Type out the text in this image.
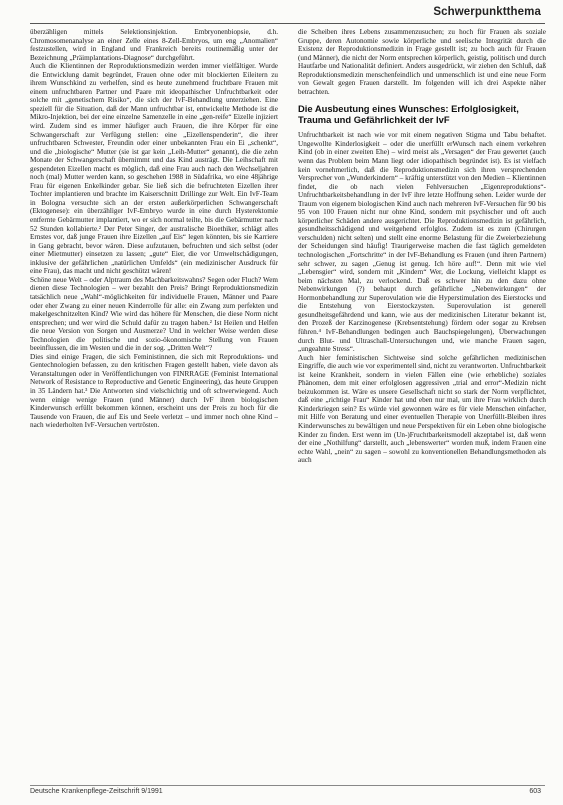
Schwerpunktthema

überzähligen mittels Selektionsinjektion. Embryonenbiopsie, d.h. Chromosomenanalyse an einer Zelle eines 8-Zell-Embryos, um eng „Anomalien“ festzustellen, wird in England und Frankreich bereits routinemäßig unter der Bezeichnung „Präimplantations-Diagnose“ durchgeführt.

Auch die Klientinnen der Reproduktionsmedizin werden immer vielfältiger. Wurde die Entwicklung damit begründet, Frauen ohne oder mit blockierten Eileitern zu ihrem Wunschkind zu verhelfen, sind es heute zunehmend fruchtbare Frauen mit einem unfruchtbaren Partner und Paare mit ideopathischer Unfruchtbarkeit oder solche mit „genetischem Risiko“, die sich der IvF-Behandlung unterziehen. Eine speziell für die Situation, daß der Mann unfruchtbar ist, entwickelte Methode ist die Mikro-Injektion, bei der eine einzelne Samenzelle in eine „gen-reife“ Eizelle injiziert wird. Zudem sind es immer häufiger auch Frauen, die ihre Körper für eine Schwangerschaft zur Verfügung stellen: eine „Eizellenspenderin“, die ihrer unfruchtbaren Schwester, Freundin oder einer unbekannten Frau ein Ei „schenkt“, und die „biologische“ Mutter (sie ist gar kein „Leih-Mutter“ genannt), die die zehn Monate der Schwangerschaft übernimmt und das Kind austrägt. Die Leihschaft mit gespendeten Eizellen macht es möglich, daß eine Frau auch nach den Wechseljahren noch (mal) Mutter werden kann, so geschehen 1988 in Südafrika, wo eine 48jährige Frau für eigenen Enkelkinder gebar. Sie ließ sich die befruchteten Eizellen ihrer Tochter implantieren und brachte im Kaiserschnitt Drillinge zur Welt. Ein IvF-Team in Bologna versuchte sich an der ersten außerkörperlichen Schwangerschaft (Ektogenese): ein überzähliger IvF-Embryo wurde in eine durch Hysterektomie entfernte Gebärmutter implantiert, wo er sich normal teilte, bis die Gebärmutter nach 52 Stunden kollabierte.² Der Peter Singer, der australische Bioethiker, schlägt alles Ernstes vor, daß junge Frauen ihre Eizellen „auf Eis“ legen könnten, bis sie Karriere in Gang gebracht, bevor wären. Diese aufzutauen, befruchten und sich selbst (oder einer Mietmutter) einsetzen zu lassen; „gute“ Eier, die vor Umweltschädigungen, inklusive der gefährlichen „natürlichen Umfelds“ (ein medizinischer Ausdruck für eine Frau), das macht und nicht geschützt wären!

Schöne neue Welt – oder Alptraum des Machbarkeitswahns? Segen oder Fluch? Wem dienen diese Technologien – wer bezahlt den Preis? Bringt Reproduktionsmedizin tatsächlich neue „Wahl“-möglichkeiten für individuelle Frauen, Männer und Paare oder eher Zwang zu einer neuen Kinderrolle für alle: ein Zwang zum perfekten und makelgeschnitzelten Kind? Wie wird das höhere für Menschen, die diese Norm nicht entsprechen; und wer wird die Schuld dafür zu tragen haben.² Ist Heilen und Helfen die neue Version von Sorgen und Ausmerze? Und in welcher Weise werden diese Technologien die politische und sozio-ökonomische Stellung von Frauen beeinflussen, die im Westen und die in der sog. „Dritten Welt“?

Dies sind einige Fragen, die sich Feministinnen, die sich mit Reproduktions- und Gentechnologien befassen, zu den kritischen Fragen gestellt haben, viele davon als Veranstaltungen oder in Veröffentlichungen von FINRRAGE (Feminist International Network of Resistance to Reproductive and Genetic Engineering), das heute Gruppen in 35 Ländern hat.³ Die Antworten sind vielschichtig und oft schwerwiegend. Auch wenn einige wenige Frauen (und Männer) durch IvF ihren biologischen Kinderwunsch erfüllt bekommen können, erscheint uns der Preis zu hoch für die Tausende von Frauen, die auf Eis und Seele verletzt – und immer noch ohne Kind – nach wiederholten IvF-Versuchen vertrösten.

die Scheiben ihres Lebens zusammenzusuchen; zu hoch für Frauen als soziale Gruppe, deren Autonomie sowie körperliche und seelische Integrität durch die Existenz der Reproduktionsmedizin in Frage gestellt ist; zu hoch auch für Frauen (und Männer), die nicht der Norm entsprechen körperlich, geistig, politisch und durch Hautfarbe und Nationalität definiert. Anders ausgedrückt, wir ziehen den Schluß, daß Reproduktionsmedizin menschenfeindlich und unmenschlich ist und eine neue Form von Gewalt gegen Frauen darstellt. Im folgenden will ich drei Aspekte näher betrachten.

Die Ausbeutung eines Wunsches: Erfolglosigkeit, Trauma und Gefährlichkeit der IvF

Unfruchtbarkeit ist nach wie vor mit einem negativen Stigma und Tabu behaftet. Ungewollte Kinderlosigkeit – oder die unerfüllt erWunsch nach einem verkehren Kind (ob in einer zweiten Ehe) – wird meist als „Versagen“ der Frau gewertet (auch wenn das Problem beim Mann liegt oder idiopathisch begründet ist). Es ist vielfach kein vornehmerlich, daß die Reproduktionsmedizin sich ihren versprechenden Versprecher von „Wunderkindern“ – kräftig unterstützt von den Medien – Klientinnen findet, die ob nach vielen Fehlversuchen „Eigenreproduktions“-Unfruchtbarkeitsbehandlung in der IvF ihre letzte Hoffnung sehen. Leider wurde der Traum von eigenem biologischen Kind auch nach mehreren IvF-Versuchen für 90 bis 95 von 100 Frauen nicht nur ohne Kind, sondern mit psychischer und oft auch körperlicher Schäden andere ausgerichtet. Die Reproduktionsmedizin ist gefährlich, gesundheitsschädigend und weitgehend erfolglos. Zudem ist es zum (Chirurgen verschulden) nicht selten) und stellt eine enorme Belastung für die Zweierbeziehung der Scheidungen sind häufig! Traurigerweise machen die fast täglich gemeldeten technologischen „Fortschritte“ in der IvF-Behandlung es Frauen (und ihren Partnern) sehr schwer, zu sagen „Genug ist genug. Ich höre auf!“. Denn mit wie viel „Lebensgier“ wird, sondern mit „Kindern“ Wer, die Lockung, vielleicht klappt es beim nächsten Mal, zu verlockend. Daß es schwer hin zu den dazu ohne Nebenwirkungen (?) behaupt durch gefährliche „Nebenwirkungen“ der Hormonbehandlung zur Superovulation wie die Hyperstimulation des Eierstocks und die Entstehung von Eierstockzysten. Superovulation ist generell gesundheitsgefährdend und kann, wie aus der medizinischen Literatur bekannt ist, den Prozeß der Karzinogenese (Krebsentstehung) fördern oder sogar zu Krebsen führen.⁴ IvF-Behandlungen bedingen auch Bauchspiegelungen), Überwachungen durch Blut- und Ultraschall-Untersuchungen und, wie manche Frauen sagen, „ungeahnte Stress“.

Auch hier feministischen Sichtweise sind solche gefährlichen medizinischen Eingriffe, die auch wie vor experimentell sind, nicht zu verantworten. Unfruchtbarkeit ist keine Krankheit, sondern in vielen Fällen eine (wie erhebliche) soziales Phänomen, dem mit einer erfolglosen aggressiven „trial and error“-Medizin nicht beizukommen ist. Wäre es unsere Gesellschaft nicht so stark der Norm verpflichtet, daß eine „richtige Frau“ Kinder hat und eben nur mal, um ihre Frau wirklich durch Kinderkriegen sein? Es würde viel gewonnen wäre es für viele Menschen einfacher, mit Hilfe von Beratung und einer eventuellen Therapie von Unerfüllt-Bleiben ihres Kinderwunsches zu bewältigen und neue Perspektiven für ein Leben ohne biologische Kinder zu finden. Erst wenn im (Un-)Fruchtbarkeitsmodell akzeptabel ist, daß wenn der eine „Nothilfung“ darstellt, auch „lebenswerter“ worden muß, indem Frauen eine echte Wahl, „nein“ zu sagen – sowohl zu konventionellen Behandlungsmethoden als auch

Deutsche Krankenpflege-Zeitschrift 9/1991	603
